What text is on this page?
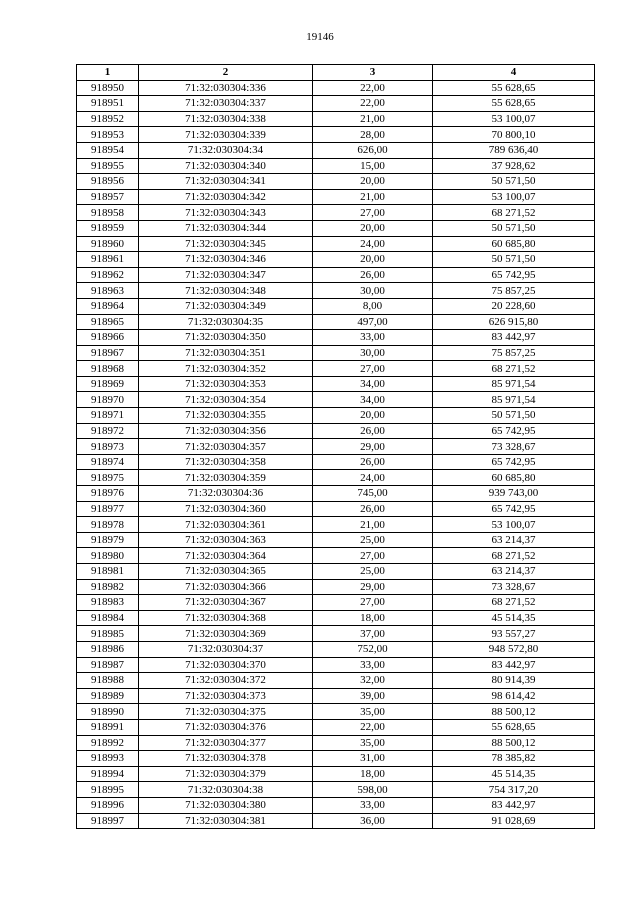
19146
1	2	3	4
918950	71:32:030304:336	22,00	55 628,65
918951	71:32:030304:337	22,00	55 628,65
918952	71:32:030304:338	21,00	53 100,07
918953	71:32:030304:339	28,00	70 800,10
918954	71:32:030304:34	626,00	789 636,40
918955	71:32:030304:340	15,00	37 928,62
918956	71:32:030304:341	20,00	50 571,50
918957	71:32:030304:342	21,00	53 100,07
918958	71:32:030304:343	27,00	68 271,52
918959	71:32:030304:344	20,00	50 571,50
918960	71:32:030304:345	24,00	60 685,80
918961	71:32:030304:346	20,00	50 571,50
918962	71:32:030304:347	26,00	65 742,95
918963	71:32:030304:348	30,00	75 857,25
918964	71:32:030304:349	8,00	20 228,60
918965	71:32:030304:35	497,00	626 915,80
918966	71:32:030304:350	33,00	83 442,97
918967	71:32:030304:351	30,00	75 857,25
918968	71:32:030304:352	27,00	68 271,52
918969	71:32:030304:353	34,00	85 971,54
918970	71:32:030304:354	34,00	85 971,54
918971	71:32:030304:355	20,00	50 571,50
918972	71:32:030304:356	26,00	65 742,95
918973	71:32:030304:357	29,00	73 328,67
918974	71:32:030304:358	26,00	65 742,95
918975	71:32:030304:359	24,00	60 685,80
918976	71:32:030304:36	745,00	939 743,00
918977	71:32:030304:360	26,00	65 742,95
918978	71:32:030304:361	21,00	53 100,07
918979	71:32:030304:363	25,00	63 214,37
918980	71:32:030304:364	27,00	68 271,52
918981	71:32:030304:365	25,00	63 214,37
918982	71:32:030304:366	29,00	73 328,67
918983	71:32:030304:367	27,00	68 271,52
918984	71:32:030304:368	18,00	45 514,35
918985	71:32:030304:369	37,00	93 557,27
918986	71:32:030304:37	752,00	948 572,80
918987	71:32:030304:370	33,00	83 442,97
918988	71:32:030304:372	32,00	80 914,39
918989	71:32:030304:373	39,00	98 614,42
918990	71:32:030304:375	35,00	88 500,12
918991	71:32:030304:376	22,00	55 628,65
918992	71:32:030304:377	35,00	88 500,12
918993	71:32:030304:378	31,00	78 385,82
918994	71:32:030304:379	18,00	45 514,35
918995	71:32:030304:38	598,00	754 317,20
918996	71:32:030304:380	33,00	83 442,97
918997	71:32:030304:381	36,00	91 028,69
